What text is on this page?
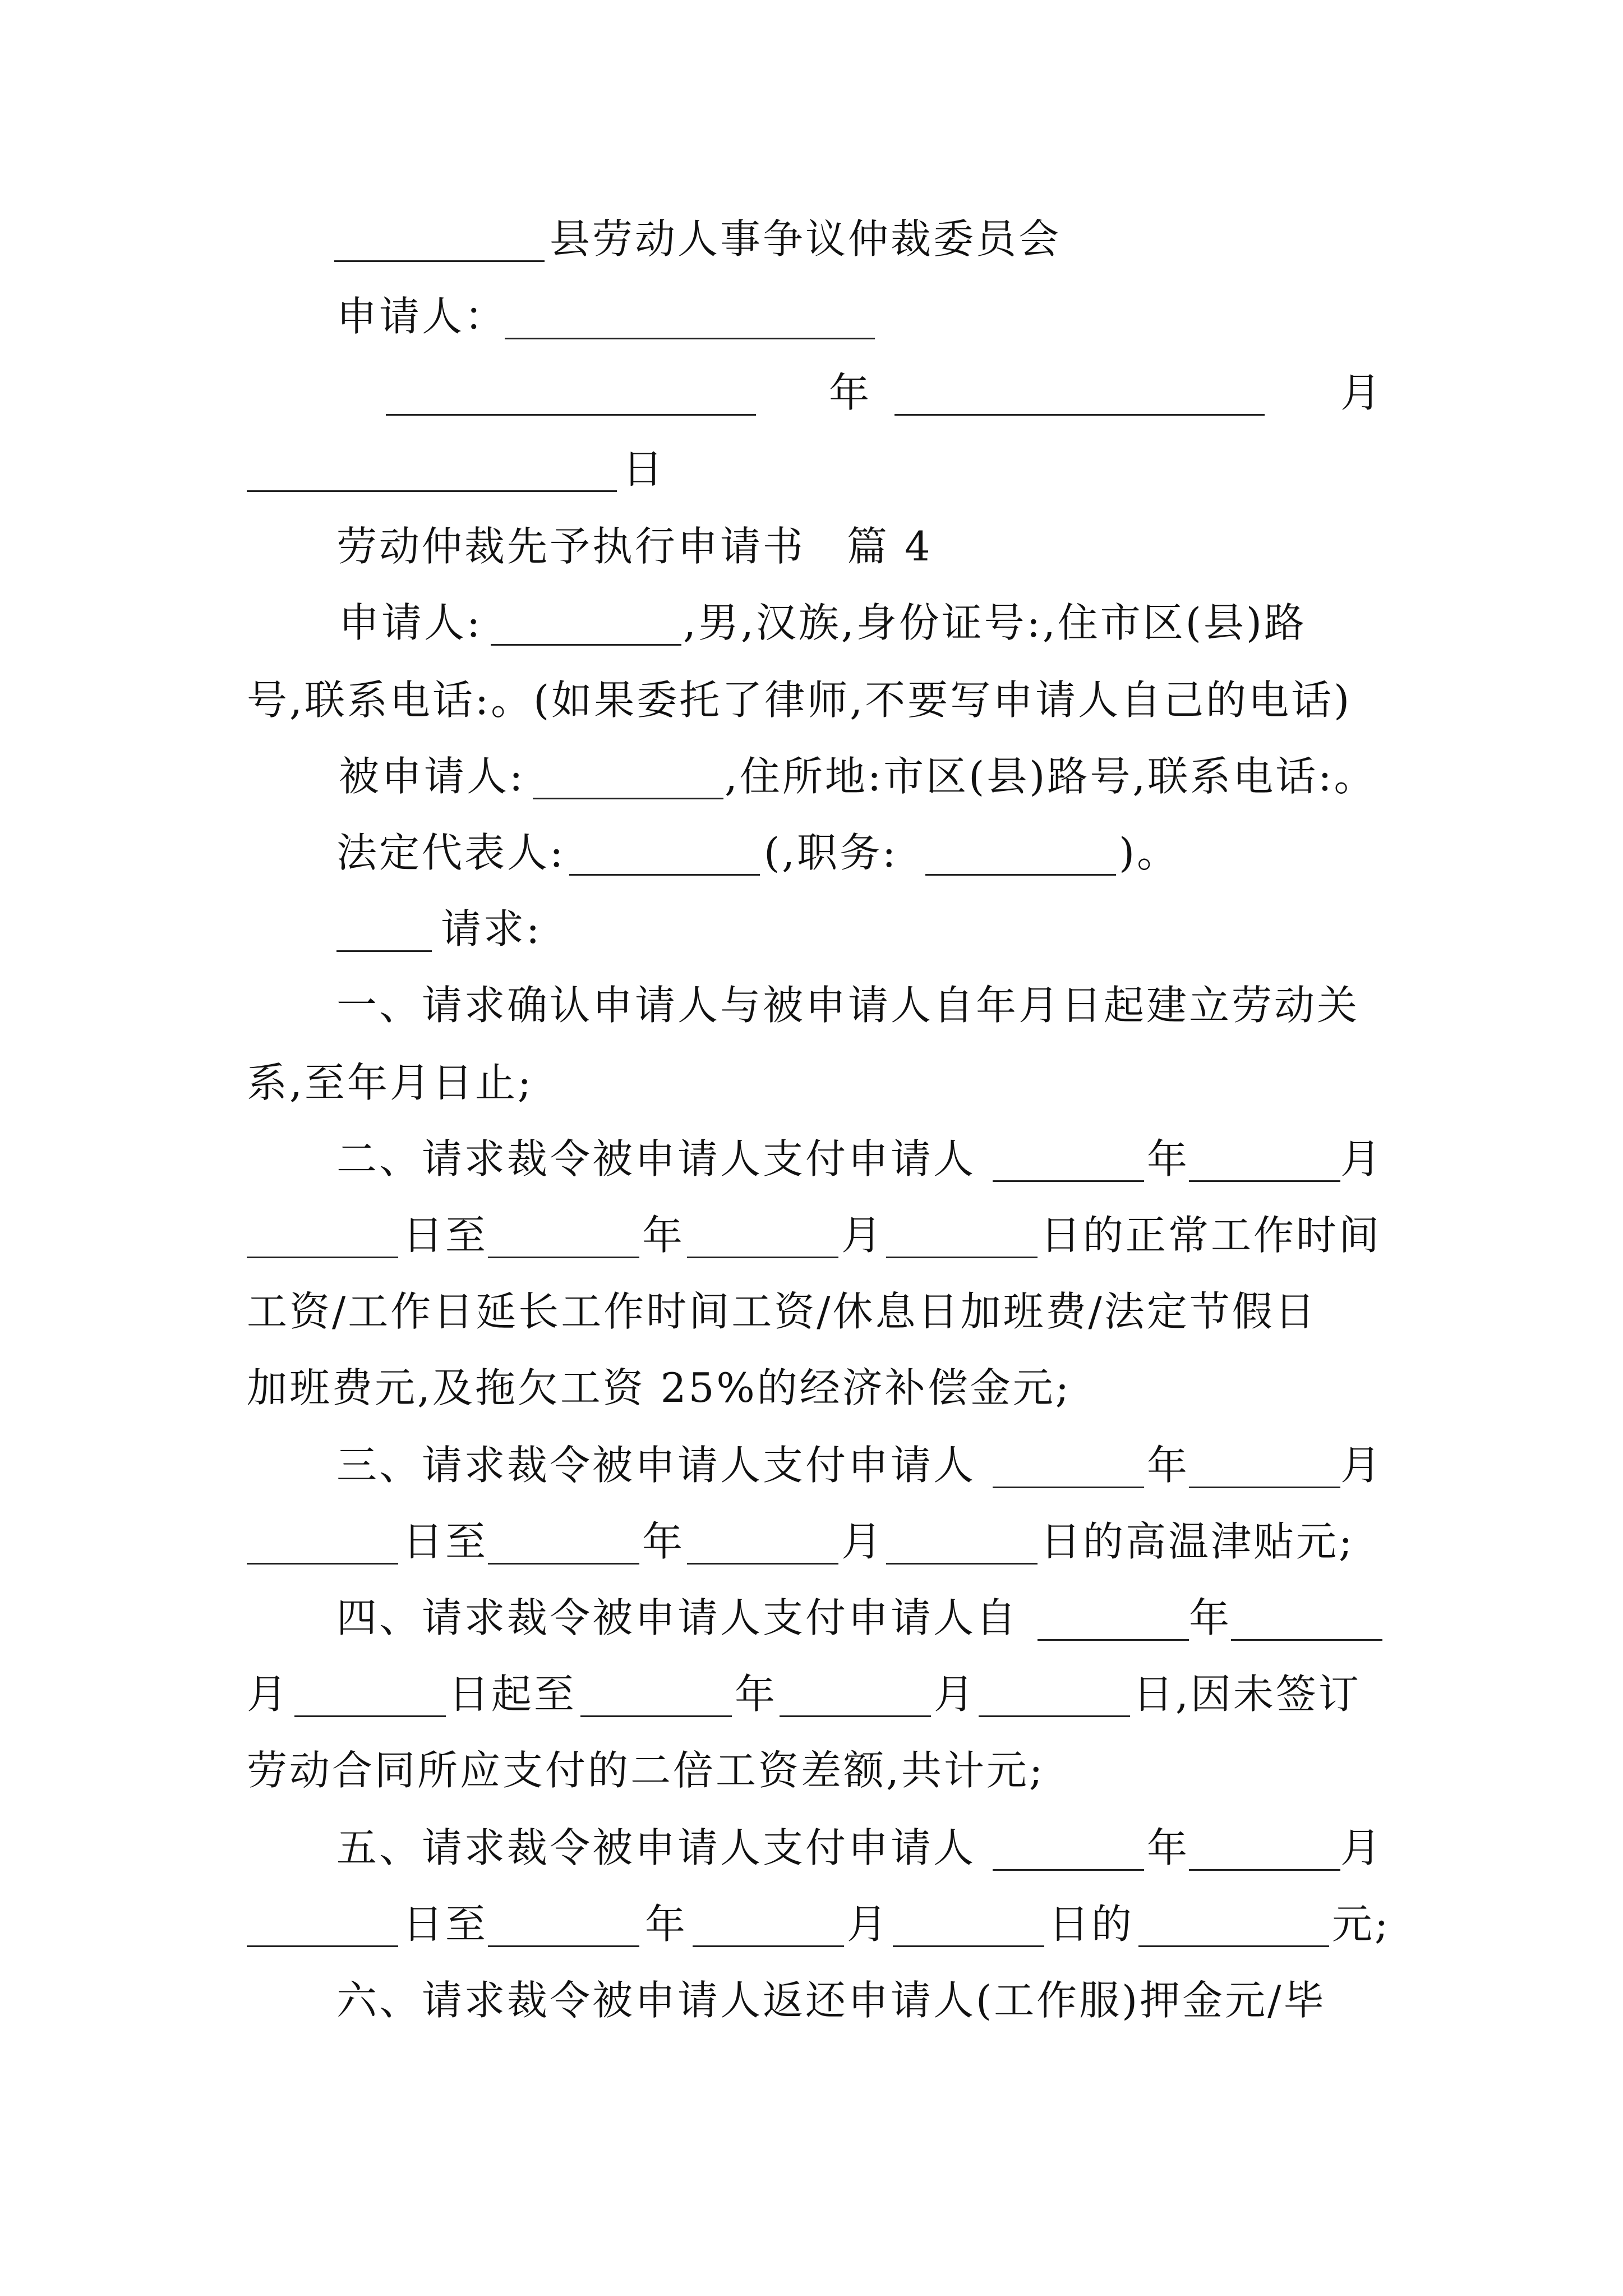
县劳动人事争议仲裁委员会
申请人：
年	月
日
劳动仲裁先予执行申请书 篇 4
申请人:	,男,汉族,身份证号:,住市区(县)路
号,联系电话:。(如果委托了律师,不要写申请人自己的电话)
被申请人:	,住所地:市区(县)路号,联系电话:。
法定代表人:	(,职务:	)。
请求:
一、请求确认申请人与被申请人自年月日起建立劳动关
系,至年月日止;
二、请求裁令被申请人支付申请人	年	月
日至	年	月	日的正常工作时间
工资/工作日延长工作时间工资/休息日加班费/法定节假日
加班费元,及拖欠工资 25%的经济补偿金元;
三、请求裁令被申请人支付申请人	年	月
日至	年	月	日的高温津贴元;
四、请求裁令被申请人支付申请人自	年
月	日起至	年	月	日,因未签订
劳动合同所应支付的二倍工资差额,共计元;
五、请求裁令被申请人支付申请人	年	月
日至	年	月	日的	元;
六、请求裁令被申请人返还申请人(工作服)押金元/毕
